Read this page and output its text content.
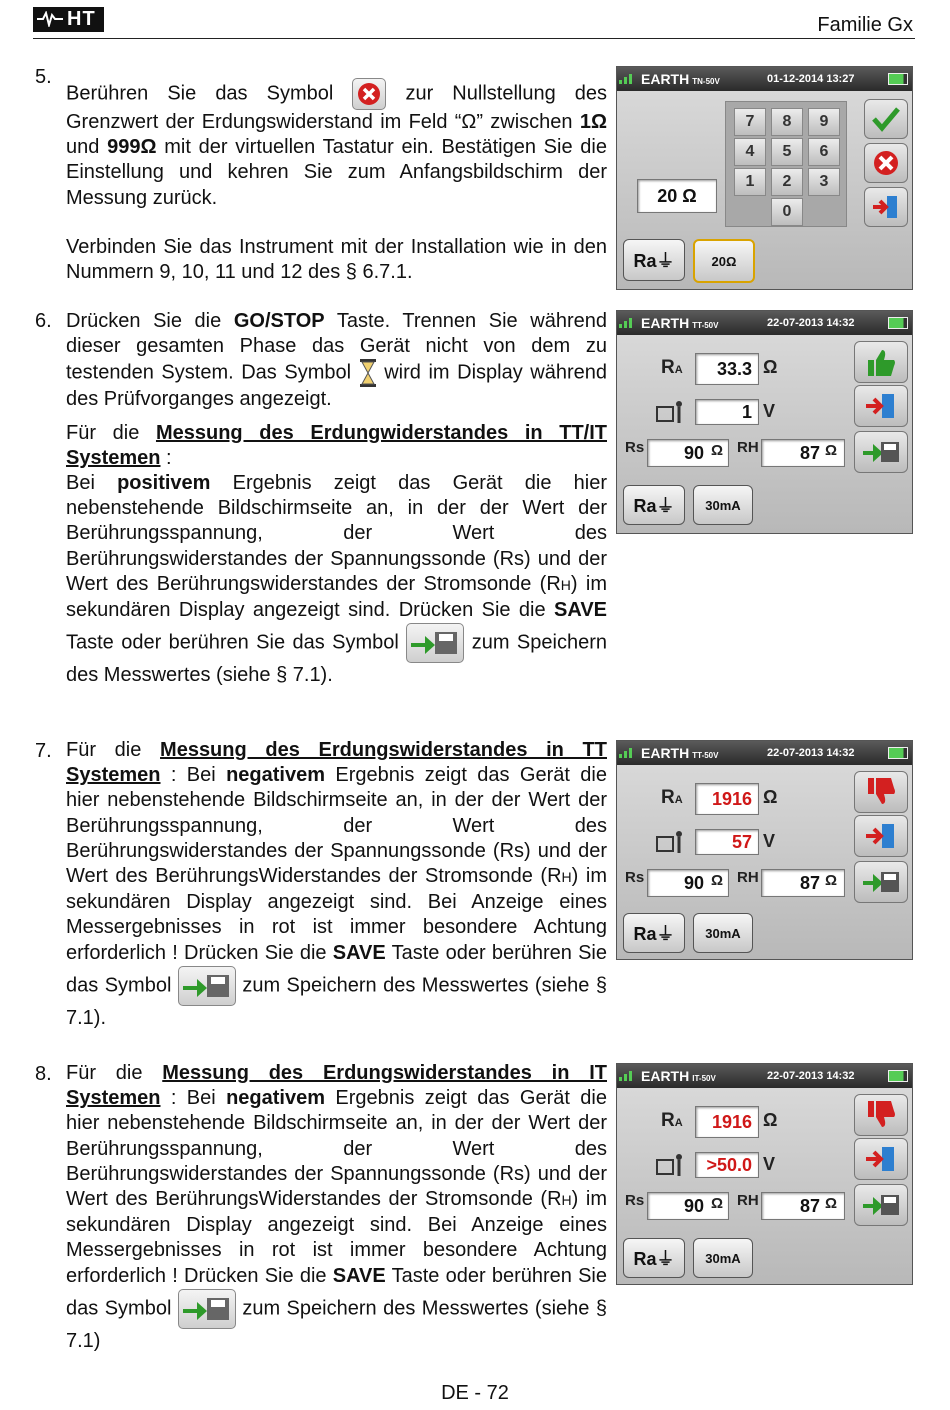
HT	Familie Gx
5.

Berühren Sie das Symbol  zur Nullstellung des Grenzwert der Erdungswiderstand im Feld “Ω” zwischen 1Ω und 999Ω mit der virtuellen Tastatur ein. Bestätigen Sie die Einstellung und kehren Sie zum Anfangsbildschirm der Messung zurück.

Verbinden Sie das Instrument mit der Installation wie in den Nummern 9, 10, 11 und 12 des § 6.7.1.

EARTH TN-50V	01-12-2014 13:27
20 Ω
7	8	9
4	5	6
1	2	3
0
Ra⏚	20Ω
6. Drücken Sie die GO/STOP Taste. Trennen Sie während dieser gesamten Phase das Gerät nicht von dem zu testenden System. Das Symbol  wird im Display während des Prüfvorganges angezeigt.

Für die Messung des Erdungwiderstandes in TT/IT Systemen :

Bei positivem Ergebnis zeigt das Gerät die hier nebenstehende Bildschirmseite an, in der der Wert der Berührungsspannung, der Wert des Berührungswiderstandes der Spannungssonde (Rs) und der Wert des Berührungswiderstandes der Stromsonde (RH) im sekundären Display angezeigt sind. Drücken Sie die SAVE Taste oder berühren Sie das Symbol	zum Speichern des Messwertes (siehe § 7.1).

EARTH TT-50V	22-07-2013 14:32
RA	33.3 Ω
1 V
Rs	90 Ω RH	87 Ω
Ra⏚	30mA
7. Für die Messung des Erdungswiderstandes in TT Systemen : Bei negativem Ergebnis zeigt das Gerät die hier nebenstehende Bildschirmseite an, in der der Wert der Berührungsspannung, der Wert des Berührungswiderstandes der Spannungssonde (Rs) und der Wert des BerührungsWiderstandes der Stromsonde (RH) im sekundären Display angezeigt sind. Bei Anzeige eines Messergebnisses in rot ist immer besondere Achtung erforderlich ! Drücken Sie die SAVE Taste oder berühren Sie das Symbol	zum Speichern des Messwertes (siehe § 7.1).

EARTH TT-50V	22-07-2013 14:32
RA	1916 Ω
57 V
Rs	90 Ω RH	87 Ω
Ra⏚	30mA
8. Für die Messung des Erdungswiderstandes in IT Systemen : Bei negativem Ergebnis zeigt das Gerät die hier nebenstehende Bildschirmseite an, in der der Wert der Berührungsspannung, der Wert des Berührungswiderstandes der Spannungssonde (Rs) und der Wert des BerührungsWiderstandes der Stromsonde (RH) im sekundären Display angezeigt sind. Bei Anzeige eines Messergebnisses in rot ist immer besondere Achtung erforderlich ! Drücken Sie die SAVE Taste oder berühren Sie das Symbol	zum Speichern des Messwertes (siehe § 7.1)

EARTH IT-50V	22-07-2013 14:32
RA	1916 Ω
>50.0 V
Rs	90 Ω RH	87 Ω
Ra⏚	30mA
DE - 72
